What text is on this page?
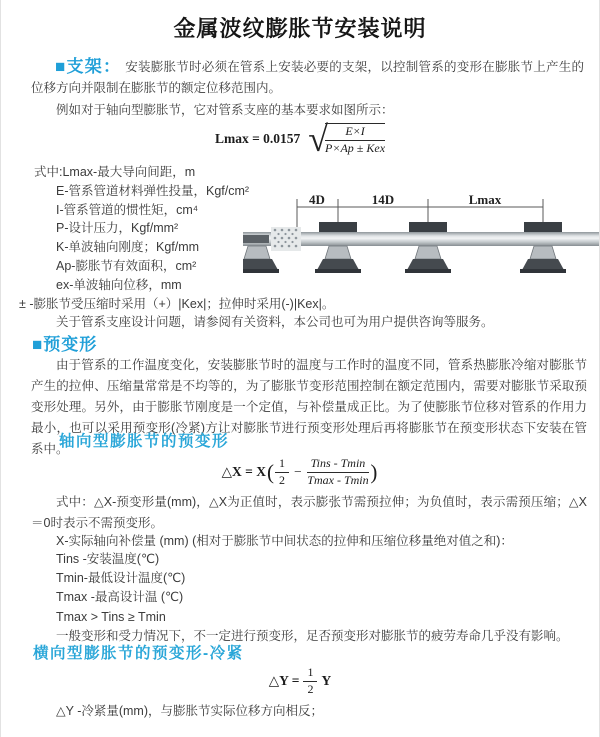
金属波纹膨胀节安装说明
■支架： 安装膨胀节时必须在管系上安装必要的支架，以控制管系的变形在膨胀节上产生的位移方向并限制在膨胀节的额定位移范围内。
例如对于轴向型膨胀节，它对管系支座的基本要求如图所示：
Lmax = 0.0157 √
$\frac{E\times I}{\text{P×Ap ± Kex}}$
式中:Lmax-最大导向间距，m
E-管系管道材料弹性投量，Kgf/cm²
I-管系管道的惯性矩，cm⁴
P-设计压力，Kgf/mm²
K-单波轴向刚度；Kgf/mm
Ap-膨胀节有效面积，cm²
ex-单波轴向位移，mm
± -膨胀节受压缩时采用（+）|Kex|；拉伸时采用(-)|Kex|。
关于管系支座设计问题，请参阅有关资料，本公司也可为用户提供咨询等服务。
4D	14D	Lmax
■预变形
由于管系的工作温度变化，安装膨胀节时的温度与工作时的温度不同，管系热膨胀冷缩对膨胀节产生的拉伸、压缩量常常是不均等的，为了膨胀节变形范围控制在额定范围内，需要对膨胀节采取预变形处理。另外，由于膨胀节刚度是一个定值，与补偿量成正比。为了使膨胀节位移对管系的作用力最小，也可以采用预变形(冷紧)方让对膨胀节进行预变形处理后再将膨胀节在预变形状态下安装在管系中。
轴向型膨胀节的预变形
△X = X ( $\frac{1}{2} - \frac{\text{Tins - Tmin}}{Tmax - Tmin}$ )
式中：△X-预变形量(mm)，△X为正值时，表示膨张节需预拉伸；为负值时，表示需预压缩；△X＝0时表示不需预变形。
X-实际轴向补偿量 (mm) (相对于膨胀节中间状态的拉伸和压缩位移量绝对值之和)：
Tins -安装温度(℃)
Tmin-最低设计温度(℃)
Tmax -最高设计温 (℃)
Tmax > Tins ≥ Tmin
一般变形和受力情况下，不一定进行预变形，足否预变形对膨胀节的疲劳寿命几乎没有影响。
横向型膨胀节的预变形-冷紧
△Y = $\frac{1}{2}$ Y
△Y -冷紧量(mm)，与膨胀节实际位移方向相反；
